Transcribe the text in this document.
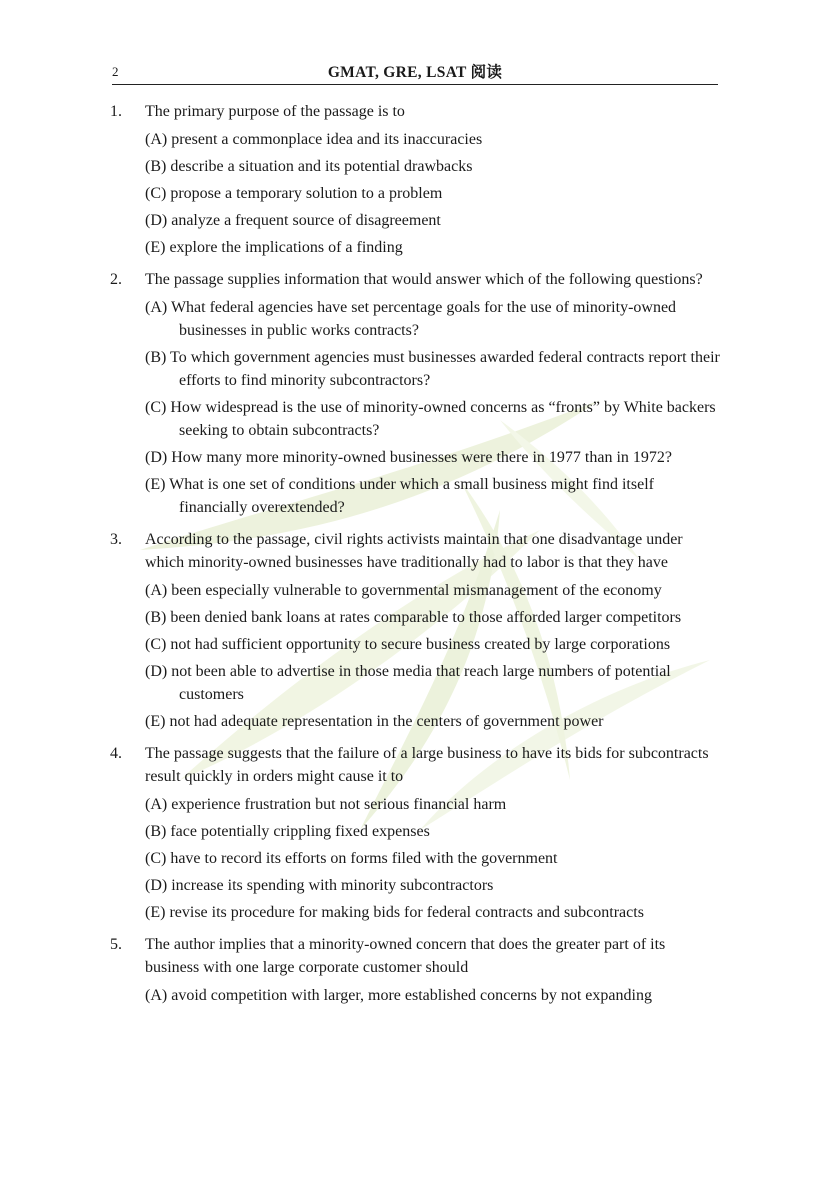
2	GMAT, GRE, LSAT 阅读
1. The primary purpose of the passage is to
(A) present a commonplace idea and its inaccuracies
(B) describe a situation and its potential drawbacks
(C) propose a temporary solution to a problem
(D) analyze a frequent source of disagreement
(E) explore the implications of a finding
2. The passage supplies information that would answer which of the following questions?
(A) What federal agencies have set percentage goals for the use of minority-owned businesses in public works contracts?
(B) To which government agencies must businesses awarded federal contracts report their efforts to find minority subcontractors?
(C) How widespread is the use of minority-owned concerns as “fronts” by White backers seeking to obtain subcontracts?
(D) How many more minority-owned businesses were there in 1977 than in 1972?
(E) What is one set of conditions under which a small business might find itself financially overextended?
3. According to the passage, civil rights activists maintain that one disadvantage under which minority-owned businesses have traditionally had to labor is that they have
(A) been especially vulnerable to governmental mismanagement of the economy
(B) been denied bank loans at rates comparable to those afforded larger competitors
(C) not had sufficient opportunity to secure business created by large corporations
(D) not been able to advertise in those media that reach large numbers of potential customers
(E) not had adequate representation in the centers of government power
4. The passage suggests that the failure of a large business to have its bids for subcontracts result quickly in orders might cause it to
(A) experience frustration but not serious financial harm
(B) face potentially crippling fixed expenses
(C) have to record its efforts on forms filed with the government
(D) increase its spending with minority subcontractors
(E) revise its procedure for making bids for federal contracts and subcontracts
5. The author implies that a minority-owned concern that does the greater part of its business with one large corporate customer should
(A) avoid competition with larger, more established concerns by not expanding
